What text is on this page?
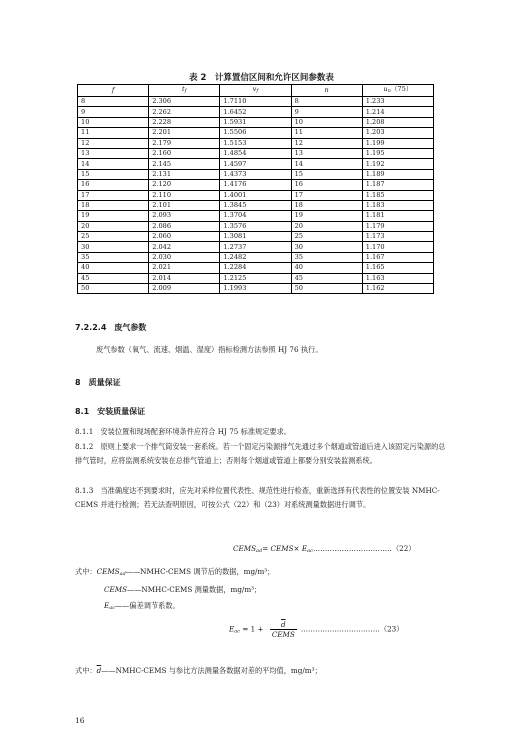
表 2　计算置信区间和允许区间参数表
f	$t_f$	$v_f$	n	$u_n(75)$
8	2.306	1.7110	8	1.233
9	2.262	1.6452	9	1.214
10	2.228	1.5931	10	1.208
11	2.201	1.5506	11	1.203
12	2.179	1.5153	12	1.199
13	2.160	1.4854	13	1.195
14	2.145	1.4597	14	1.192
15	2.131	1.4373	15	1.189
16	2.120	1.4176	16	1.187
17	2.110	1.4001	17	1.185
18	2.101	1.3845	18	1.183
19	2.093	1.3704	19	1.181
20	2.086	1.3576	20	1.179
25	2.060	1.3081	25	1.173
30	2.042	1.2737	30	1.170
35	2.030	1.2482	35	1.167
40	2.021	1.2284	40	1.165
45	2.014	1.2125	45	1.163
50	2.009	1.1993	50	1.162
7.2.2.4　废气参数
废气参数（氧气、流速、烟温、湿度）指标检测方法参照 HJ 76 执行。
8　质量保证
8.1　安装质量保证
8.1.1　安装位置和现场配套环境条件应符合 HJ 75 标准规定要求。
8.1.2　原则上要求一个排气筒安装一套系统。若一个固定污染源排气先通过多个烟道或管道后进入该固定污染源的总排气管时，应将监测系统安装在总排气管道上；否则每个烟道或管道上都要分别安装监测系统。
8.1.3　当准确度达不到要求时，应先对采样位置代表性、规范性进行检查，重新选择有代表性的位置安装 NMHC-CEMS 并进行检测；若无法查明原因，可按公式（22）和（23）对系统测量数据进行调节。
$CEMS_{ad}=$ CEMS× $E_{ac}\dots\dots\dots\dots\dots\dots\dots\dots\dots\dots\dots(22)$
式中：$CEMS_{ad}——NMHC$-CEMS 调节后的数据，mg/m³；
CEMS——NMHC-CEMS 测量数据，mg/m³；
$E_{ac}——$偏差调节系数。
$E_{ac} = 1 + \frac{\overline{d}}{\text{CEMS}}$ ……………………………（23）
式中：$\overline{d}——NMHC$-CEMS 与参比方法测量各数据对差的平均值，mg/m³；
16
